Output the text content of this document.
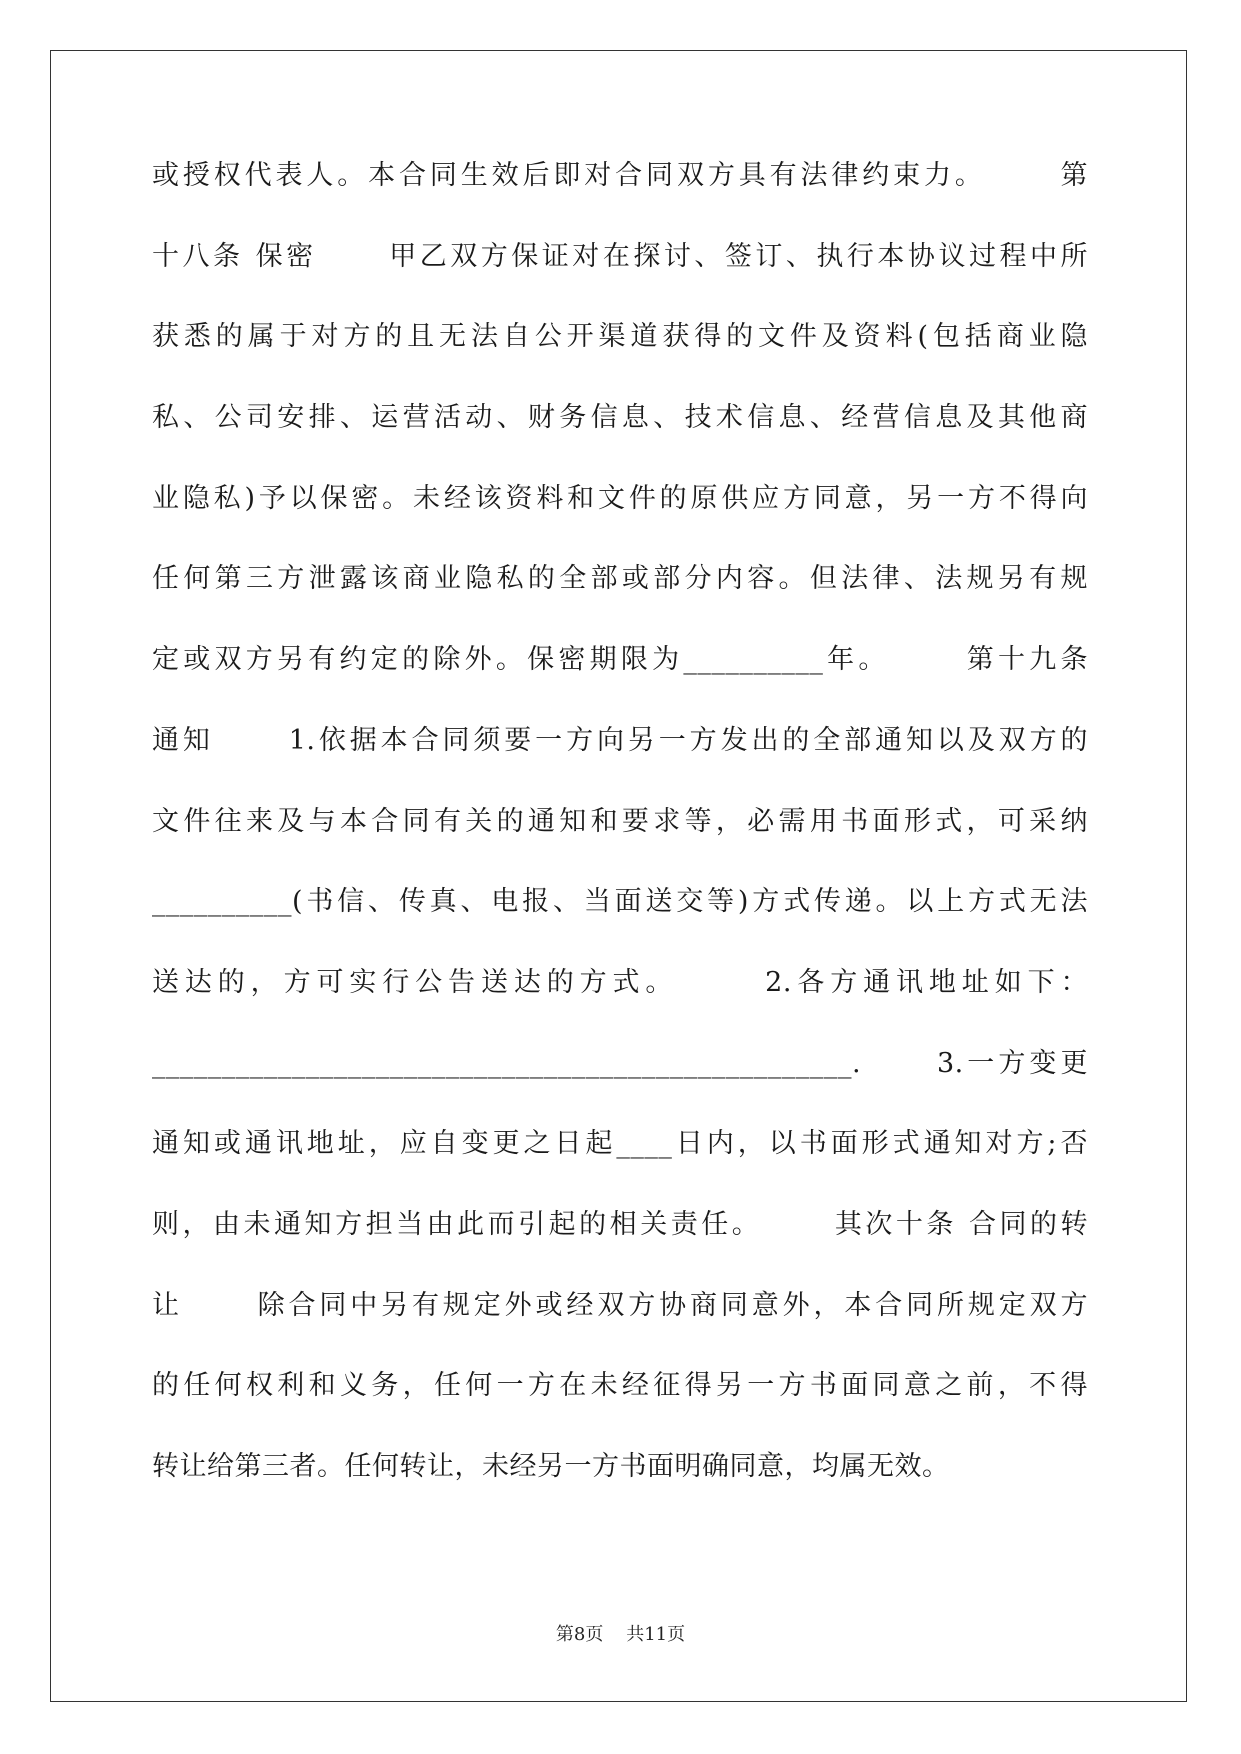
或授权代表人。本合同生效后即对合同双方具有法律约束力。      第
十八条 保密      甲乙双方保证对在探讨、签订、执行本协议过程中所
获悉的属于对方的且无法自公开渠道获得的文件及资料(包括商业隐
私、公司安排、运营活动、财务信息、技术信息、经营信息及其他商
业隐私)予以保密。未经该资料和文件的原供应方同意，另一方不得向
任何第三方泄露该商业隐私的全部或部分内容。但法律、法规另有规
定或双方另有约定的除外。保密期限为__________年。      第十九条
通知      1.依据本合同须要一方向另一方发出的全部通知以及双方的
文件往来及与本合同有关的通知和要求等，必需用书面形式，可采纳
__________(书信、传真、电报、当面送交等)方式传递。以上方式无法
送达的，方可实行公告送达的方式。      2.各方通讯地址如下：
__________________________________________________.      3.一方变更
通知或通讯地址，应自变更之日起____日内，以书面形式通知对方;否
则，由未通知方担当由此而引起的相关责任。      其次十条 合同的转
让      除合同中另有规定外或经双方协商同意外，本合同所规定双方
的任何权利和义务，任何一方在未经征得另一方书面同意之前，不得
转让给第三者。任何转让，未经另一方书面明确同意，均属无效。
第8页    共11页
